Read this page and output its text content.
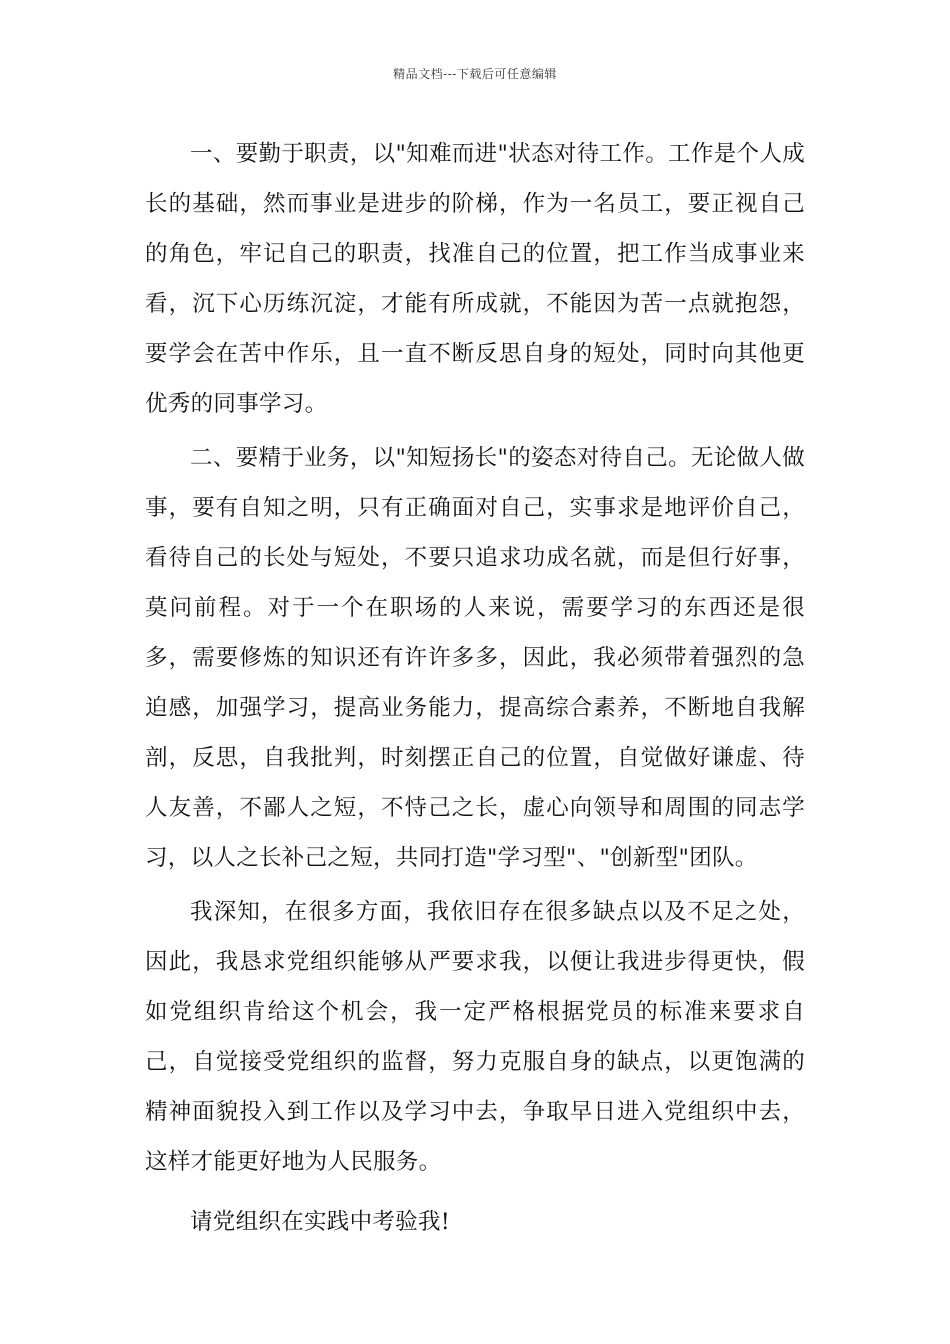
精品文档---下载后可任意编辑

一、要勤于职责，以"知难而进"状态对待工作。工作是个人成长的基础，然而事业是进步的阶梯，作为一名员工，要正视自己的角色，牢记自己的职责，找准自己的位置，把工作当成事业来看，沉下心历练沉淀，才能有所成就，不能因为苦一点就抱怨，要学会在苦中作乐，且一直不断反思自身的短处，同时向其他更优秀的同事学习。

二、要精于业务，以"知短扬长"的姿态对待自己。无论做人做事，要有自知之明，只有正确面对自己，实事求是地评价自己，看待自己的长处与短处，不要只追求功成名就，而是但行好事，莫问前程。对于一个在职场的人来说，需要学习的东西还是很多，需要修炼的知识还有许许多多，因此，我必须带着强烈的急迫感，加强学习，提高业务能力，提高综合素养，不断地自我解剖，反思，自我批判，时刻摆正自己的位置，自觉做好谦虚、待人友善，不鄙人之短，不恃己之长，虚心向领导和周围的同志学习，以人之长补己之短，共同打造"学习型"、"创新型"团队。

我深知，在很多方面，我依旧存在很多缺点以及不足之处，因此，我恳求党组织能够从严要求我，以便让我进步得更快，假如党组织肯给这个机会，我一定严格根据党员的标准来要求自己，自觉接受党组织的监督，努力克服自身的缺点，以更饱满的精神面貌投入到工作以及学习中去，争取早日进入党组织中去，这样才能更好地为人民服务。

请党组织在实践中考验我!
